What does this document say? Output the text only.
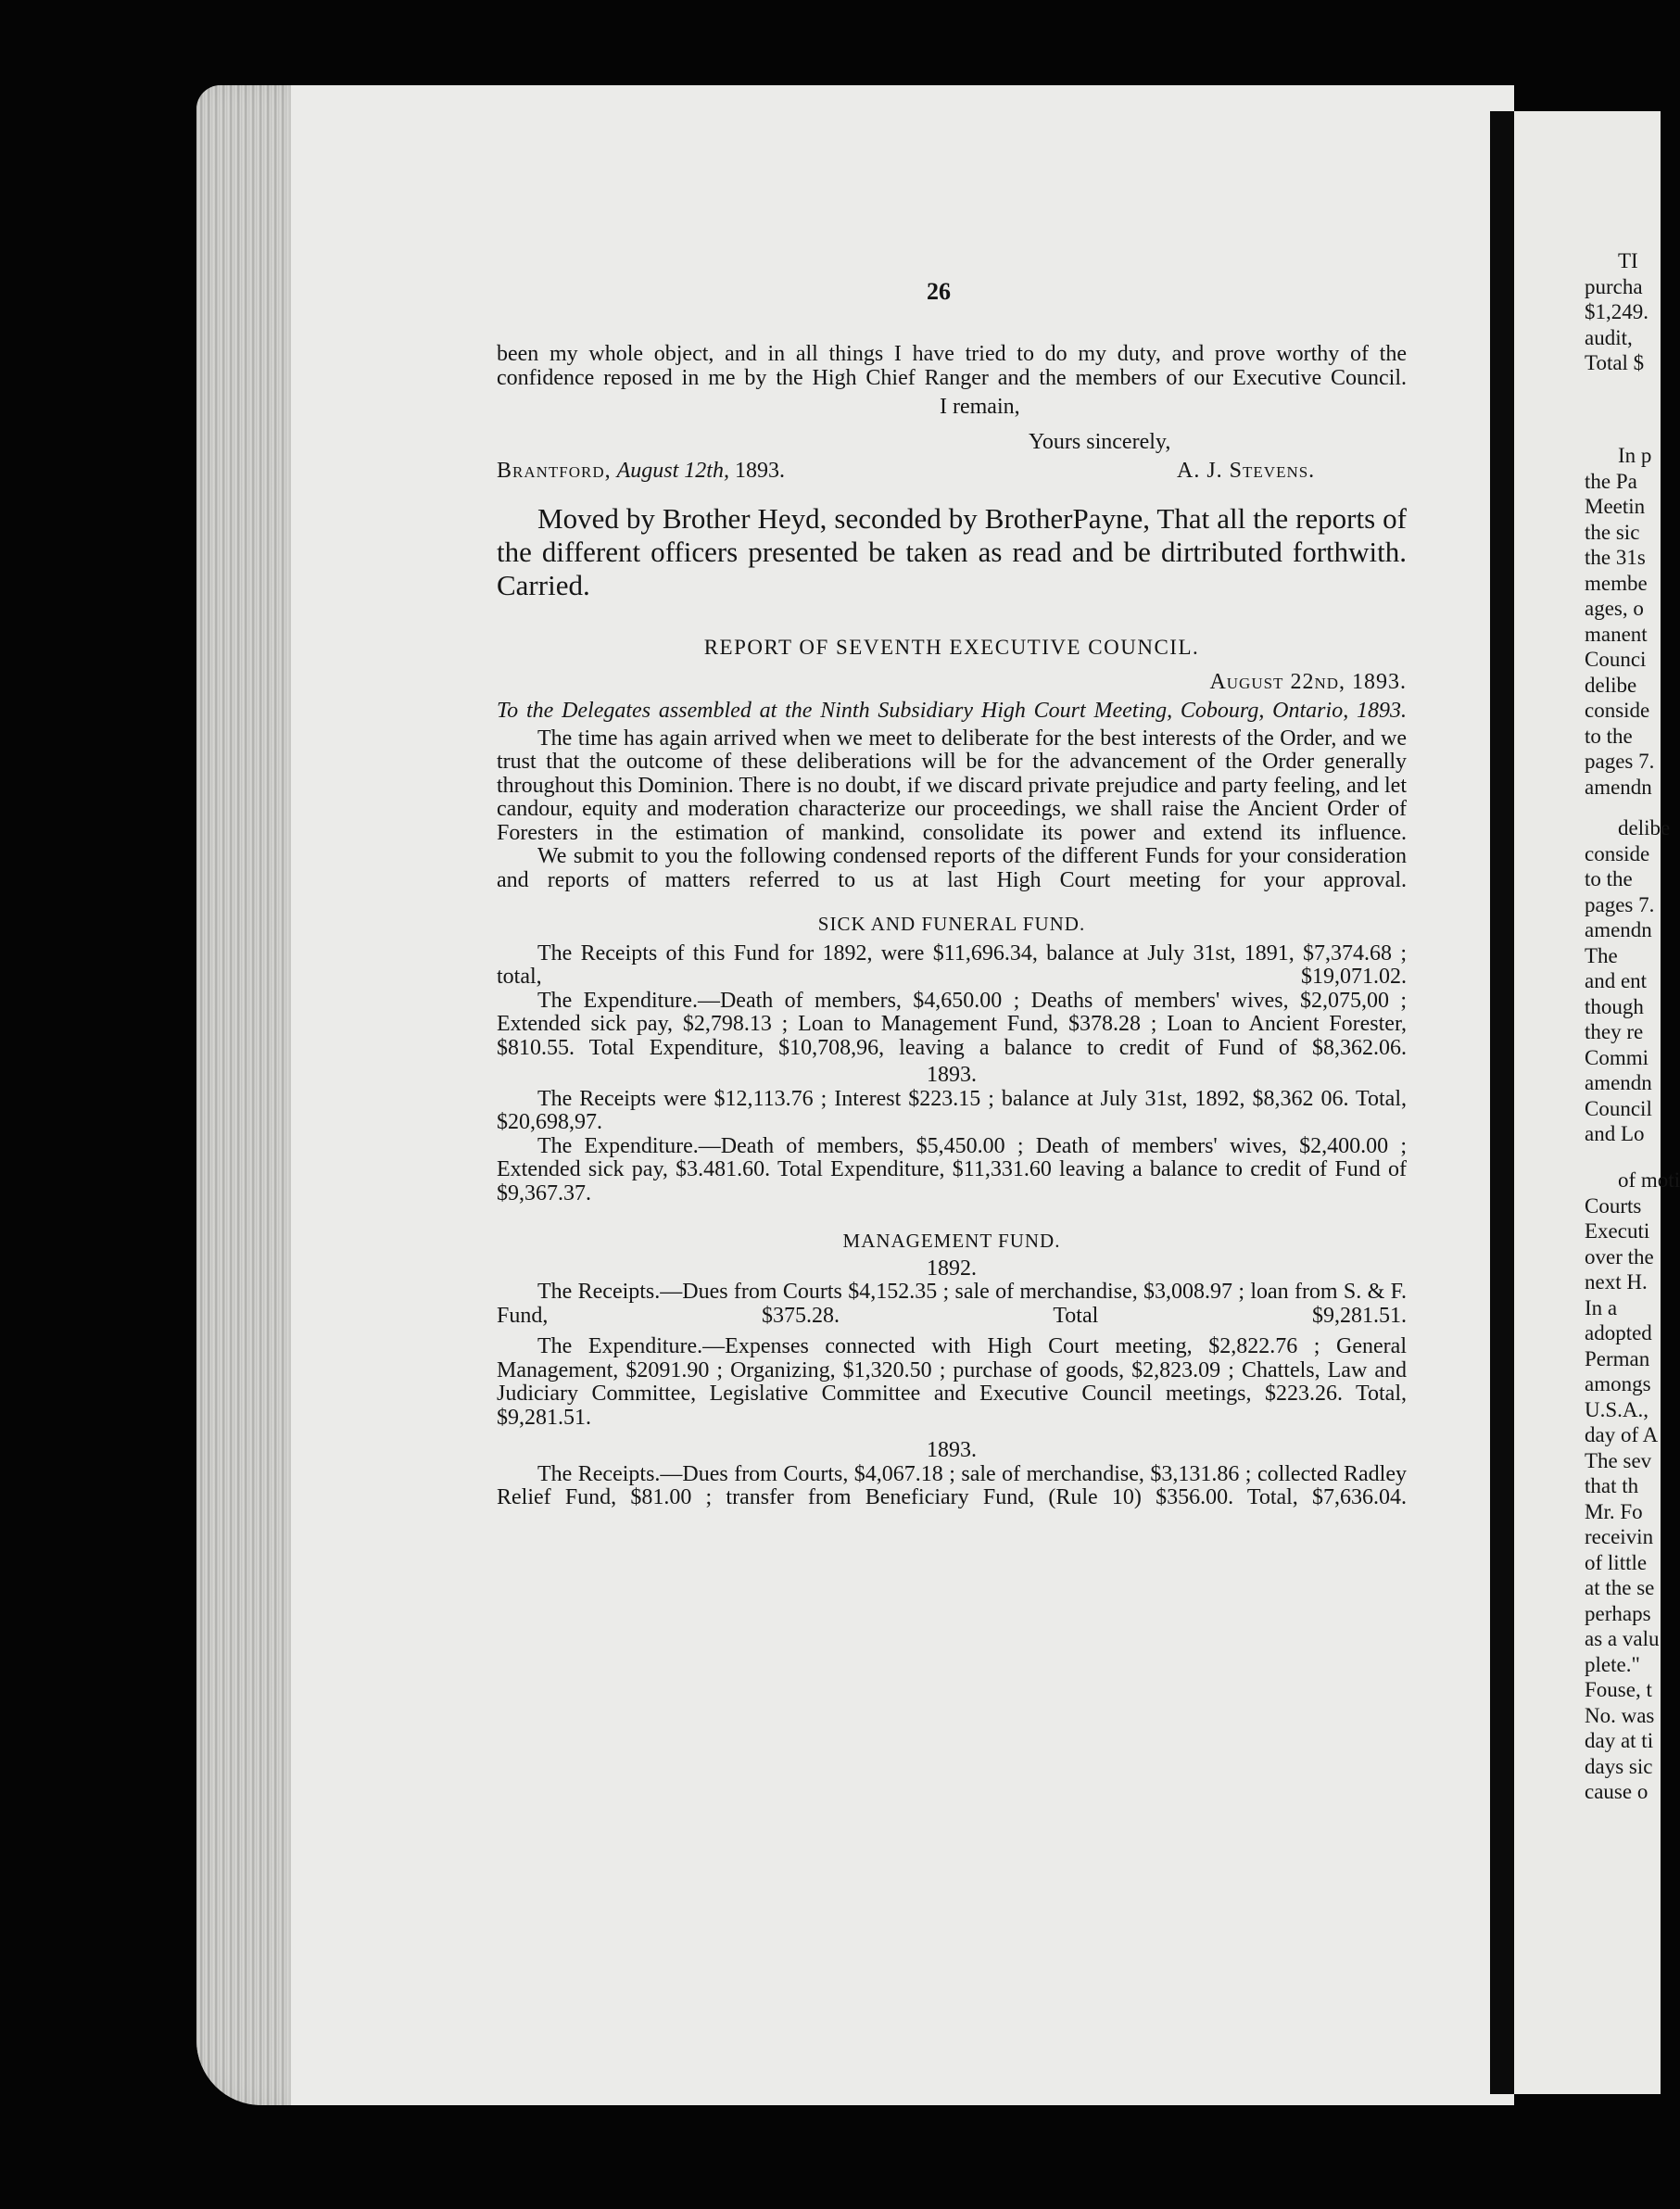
TI
purcha
$1,249.
audit,
Total $
In p
the Pa
Meetin
the sic
the 31s
membe
ages, o
manent
Counci
delibe
conside
to the
pages 7.
amendn
delibe
conside
to the
pages 7.
amendn
The
and ent
though
they re
Commi
amendn
Council
and Lo
of moti
Courts
Executi
over the
next H.
In a
adopted
Perman
amongs
U.S.A.,
day of A
The sev
that th
Mr. Fo
receivin
of little
at the se
perhaps
as a valu
plete."
Fouse, t
No. was
day at ti
days sic
cause o
26
been my whole object, and in all things I have tried to do my duty, and prove worthy of the confidence reposed in me by the High Chief Ranger and the members of our Executive Council.
I remain,
Yours sincerely,
Brantford, August 12th, 1893.	A. J. Stevens.
Moved by Brother Heyd, seconded by BrotherPayne, That all the reports of the different officers presented be taken as read and be dirtributed forthwith. Carried.
REPORT OF SEVENTH EXECUTIVE COUNCIL.
August 22nd, 1893.
To the Delegates assembled at the Ninth Subsidiary High Court Meeting, Cobourg, Ontario, 1893.
The time has again arrived when we meet to deliberate for the best interests of the Order, and we trust that the outcome of these deliberations will be for the advancement of the Order generally throughout this Dominion. There is no doubt, if we discard private prejudice and party feeling, and let candour, equity and moderation characterize our proceedings, we shall raise the Ancient Order of Foresters in the estimation of mankind, consolidate its power and extend its influence.
We submit to you the following condensed reports of the different Funds for your consideration and reports of matters referred to us at last High Court meeting for your approval.
SICK AND FUNERAL FUND.
The Receipts of this Fund for 1892, were $11,696.34, balance at July 31st, 1891, $7,374.68 ; total, $19,071.02.
The Expenditure.—Death of members, $4,650.00 ; Deaths of members' wives, $2,075,00 ; Extended sick pay, $2,798.13 ; Loan to Management Fund, $378.28 ; Loan to Ancient Forester, $810.55. Total Expenditure, $10,708,96, leaving a balance to credit of Fund of $8,362.06.
1893.
The Receipts were $12,113.76 ; Interest $223.15 ; balance at July 31st, 1892, $8,362 06. Total, $20,698,97.
The Expenditure.—Death of members, $5,450.00 ; Death of members' wives, $2,400.00 ; Extended sick pay, $3.481.60. Total Expenditure, $11,331.60 leaving a balance to credit of Fund of $9,367.37.
MANAGEMENT FUND.
1892.
The Receipts.—Dues from Courts $4,152.35 ; sale of merchandise, $3,008.97 ; loan from S. & F. Fund, $375.28. Total $9,281.51.
The Expenditure.—Expenses connected with High Court meeting, $2,822.76 ; General Management, $2091.90 ; Organizing, $1,320.50 ; purchase of goods, $2,823.09 ; Chattels, Law and Judiciary Committee, Legislative Committee and Executive Council meetings, $223.26. Total, $9,281.51.
1893.
The Receipts.—Dues from Courts, $4,067.18 ; sale of merchandise, $3,131.86 ; collected Radley Relief Fund, $81.00 ; transfer from Beneficiary Fund, (Rule 10) $356.00. Total, $7,636.04.
